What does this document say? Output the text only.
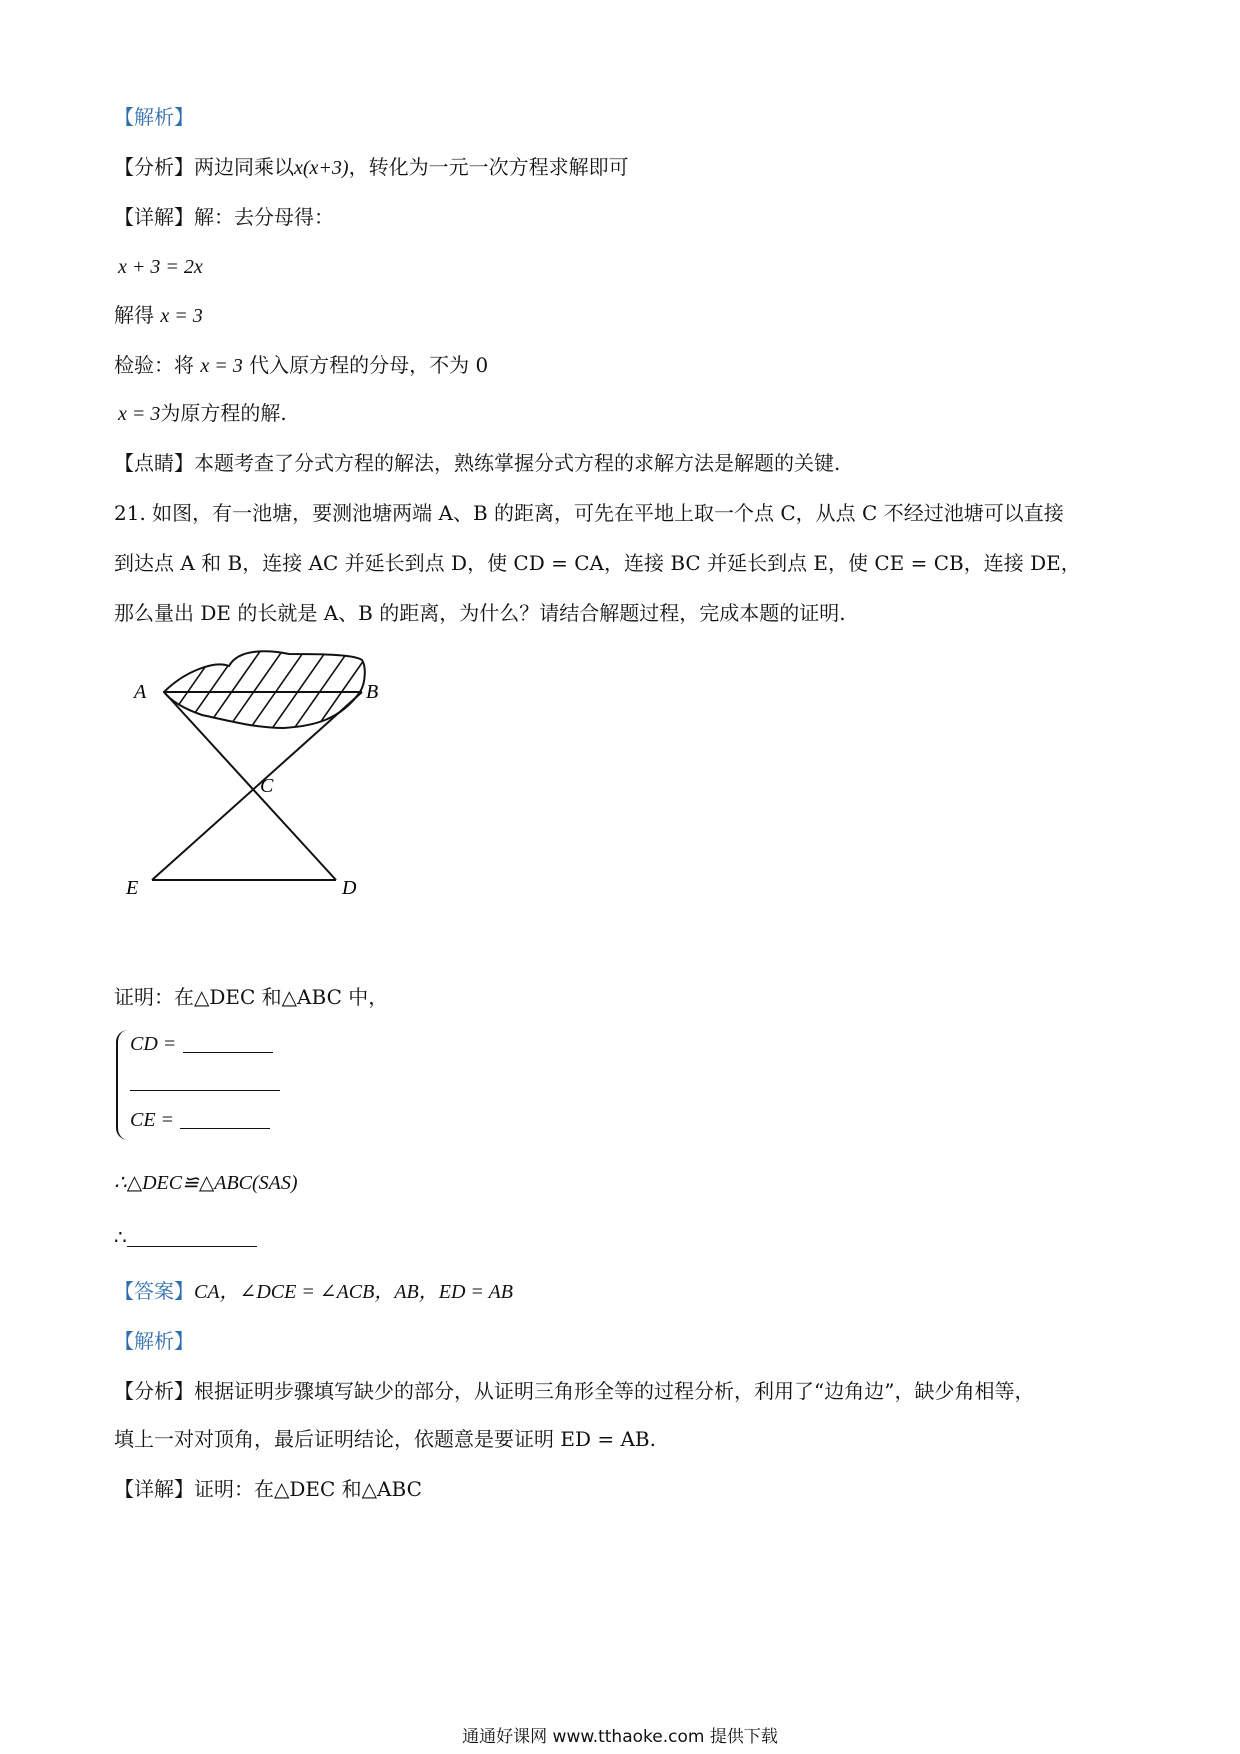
【解析】
【分析】两边同乘以x(x+3)，转化为一元一次方程求解即可
【详解】解：去分母得：
x + 3 = 2x
解得 x = 3
检验：将 x = 3 代入原方程的分母，不为 0
x = 3为原方程的解.
【点睛】本题考查了分式方程的解法，熟练掌握分式方程的求解方法是解题的关键.
21. 如图，有一池塘，要测池塘两端 A、B 的距离，可先在平地上取一个点 C，从点 C 不经过池塘可以直接
到达点 A 和 B，连接 AC 并延长到点 D，使 CD = CA，连接 BC 并延长到点 E，使 CE = CB，连接 DE，
那么量出 DE 的长就是 A、B 的距离，为什么？请结合解题过程，完成本题的证明.
A	B
C
E	D
证明：在△DEC 和△ABC 中，
CD =
CE =
∴△DEC≌△ABC(SAS)
∴
【答案】CA，∠DCE = ∠ACB，AB，ED = AB
【解析】
【分析】根据证明步骤填写缺少的部分，从证明三角形全等的过程分析，利用了“边角边”，缺少角相等，
填上一对对顶角，最后证明结论，依题意是要证明 ED = AB.
【详解】证明：在△DEC 和△ABC
通通好课网 www.tthaoke.com 提供下载
